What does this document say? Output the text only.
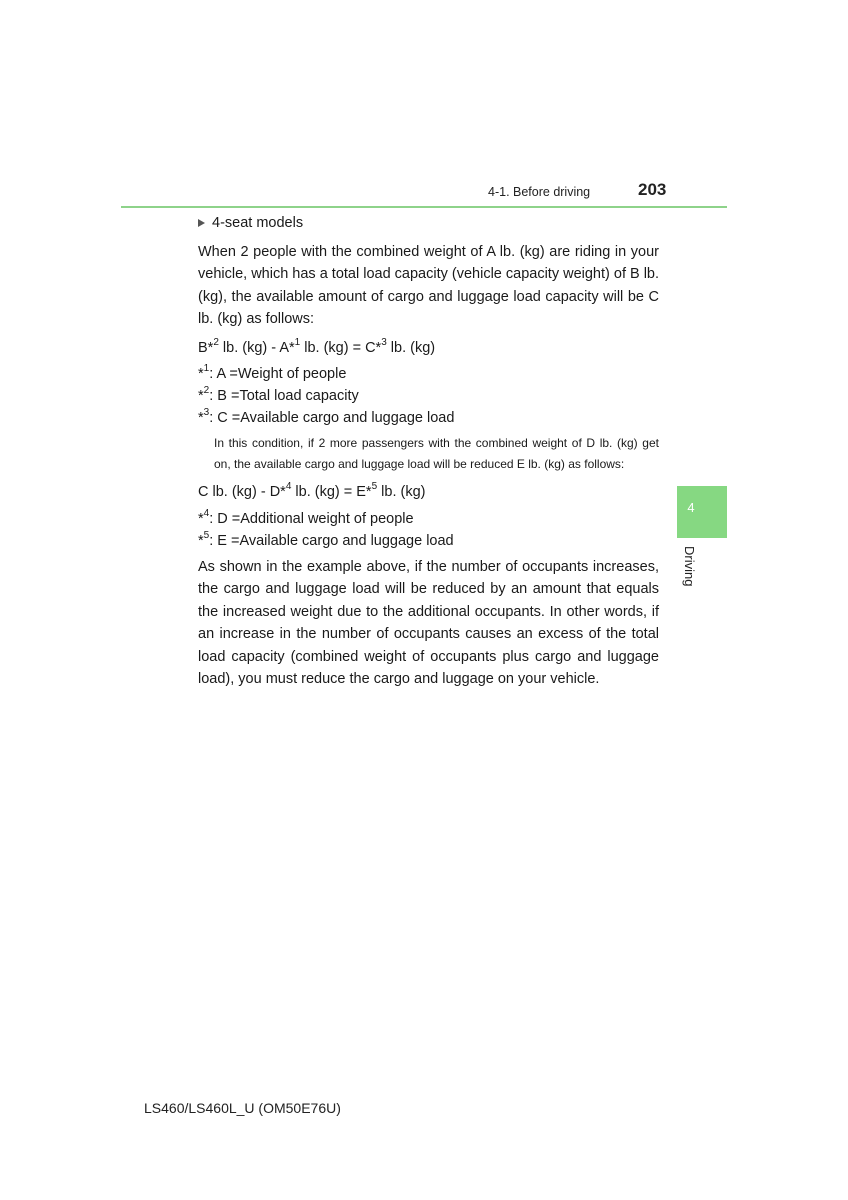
4-1. Before driving	203

4-seat models

When 2 people with the combined weight of A lb. (kg) are riding in your vehicle, which has a total load capacity (vehicle capacity weight) of B lb. (kg), the available amount of cargo and luggage load capacity will be C lb. (kg) as follows:

B*$^2$ lb. (kg) - A*$^1$ lb. (kg) = C*$^3$ lb. (kg)

*$^1$: A =Weight of people

*$^2$: B =Total load capacity

*$^3$: C =Available cargo and luggage load

In this condition, if 2 more passengers with the combined weight of D lb. (kg) get on, the available cargo and luggage load will be reduced E lb. (kg) as follows:

C lb. (kg) - D*$^4$ lb. (kg) = E*$^5$ lb. (kg)

*$^4$: D =Additional weight of people

*$^5$: E =Available cargo and luggage load

As shown in the example above, if the number of occupants increases, the cargo and luggage load will be reduced by an amount that equals the increased weight due to the additional occupants. In other words, if an increase in the number of occupants causes an excess of the total load capacity (combined weight of occupants plus cargo and luggage load), you must reduce the cargo and luggage on your vehicle.

4
Driving
LS460/LS460L_U (OM50E76U)
